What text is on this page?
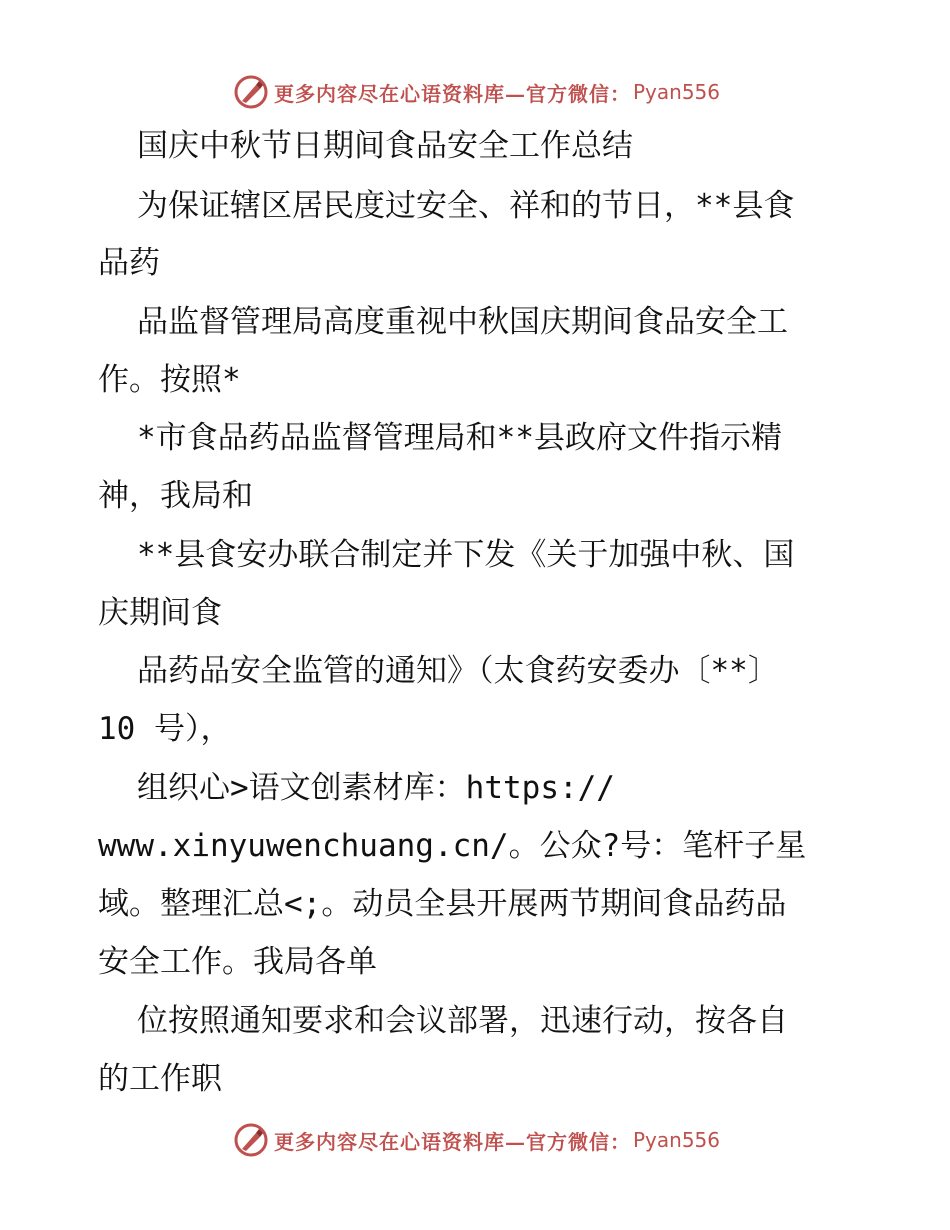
更多内容尽在心语资料库—官方微信： Pyan556
国庆中秋节日期间食品安全工作总结
为保证辖区居民度过安全、祥和的节日，**县食
品药
品监督管理局高度重视中秋国庆期间食品安全工
作。按照*
*市食品药品监督管理局和**县政府文件指示精
神，我局和
**县食安办联合制定并下发《关于加强中秋、国
庆期间食
品药品安全监管的通知》（太食药安委办〔**〕
10 号），
组织心>语文创素材库：https://
www.xinyuwenchuang.cn/。公众?号：笔杆子星
域。整理汇总<;。动员全县开展两节期间食品药品
安全工作。我局各单
位按照通知要求和会议部署，迅速行动，按各自
的工作职
更多内容尽在心语资料库—官方微信： Pyan556
